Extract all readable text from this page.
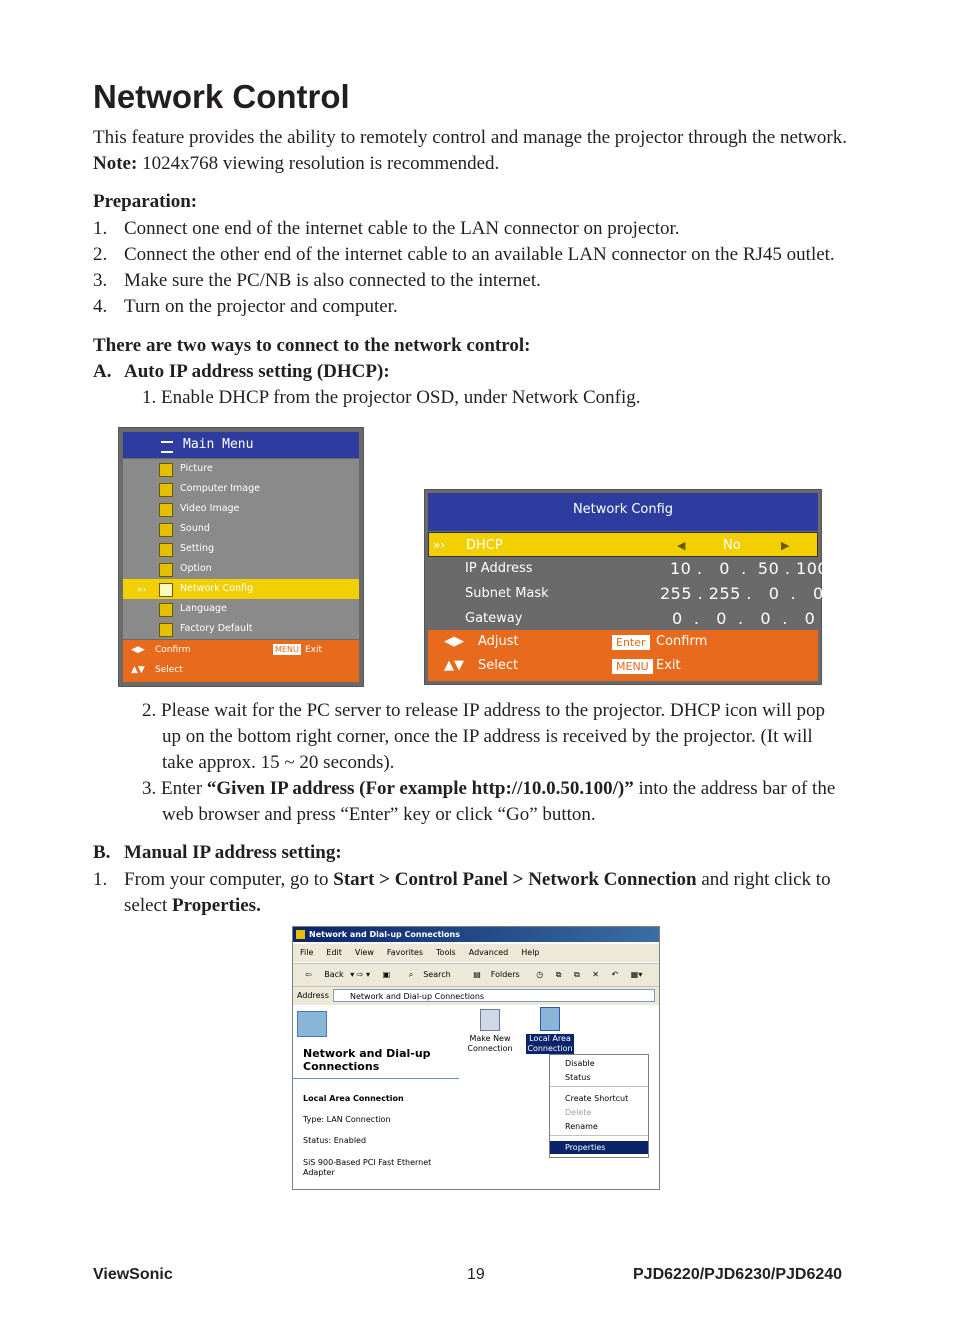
Network Control
This feature provides the ability to remotely control and manage the projector through the network.
Note: 1024x768 viewing resolution is recommended.
Preparation:
1. Connect one end of the internet cable to the LAN connector on projector.
2. Connect the other end of the internet cable to an available LAN connector on the RJ45 outlet.
3. Make sure the PC/NB is also connected to the internet.
4. Turn on the projector and computer.
There are two ways to connect to the network control:
A. Auto IP address setting (DHCP):
1. Enable DHCP from the projector OSD, under Network Config.
Main Menu
Picture
Computer Image
Video Image
Sound
Setting
Option
»›	Network Config
Language
Factory Default
◀▶ Confirm	MENU Exit
▲▼ Select
Network Config
»› DHCP	◀	No	▶
IP Address	10 .   0  .  50 . 100
Subnet Mask	255 . 255 .   0  .   0
Gateway	0  .   0  .   0  .   0
◀▶ Adjust	Enter Confirm
▲▼ Select	MENU Exit
2. Please wait for the PC server to release IP address to the projector. DHCP icon will pop
up on the bottom right corner, once the IP address is received by the projector. (It will
take approx. 15 ~ 20 seconds).
3. Enter “Given IP address (For example http://10.0.50.100/)” into the address bar of the
web browser and press “Enter” key or click “Go” button.
B. Manual IP address setting:
1. From your computer, go to Start > Control Panel > Network Connection and right click to
select Properties.
Network and Dial-up Connections
File Edit View Favorites Tools Advanced Help
⇦ Back ▾ ⇨ ▾ ▣ ⌕ Search	▤ Folders ◷ ⧉ ⧉ ✕ ↶ ▦▾
Address	Network and Dial-up Connections
Network and Dial-up
Connections
Local Area Connection
Type: LAN Connection
Status: Enabled
SiS 900-Based PCI Fast Ethernet
Adapter
Make New
Connection
Local Area
Connection
Disable
Status
Create Shortcut
Delete
Rename
Properties
ViewSonic	19	PJD6220/PJD6230/PJD6240
